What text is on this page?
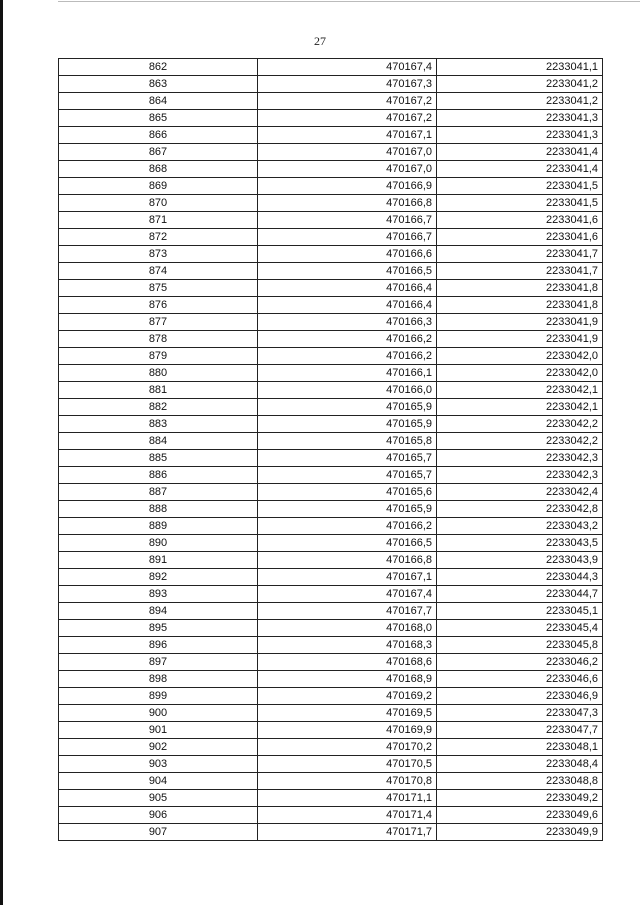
27
862	470167,4	2233041,1
863	470167,3	2233041,2
864	470167,2	2233041,2
865	470167,2	2233041,3
866	470167,1	2233041,3
867	470167,0	2233041,4
868	470167,0	2233041,4
869	470166,9	2233041,5
870	470166,8	2233041,5
871	470166,7	2233041,6
872	470166,7	2233041,6
873	470166,6	2233041,7
874	470166,5	2233041,7
875	470166,4	2233041,8
876	470166,4	2233041,8
877	470166,3	2233041,9
878	470166,2	2233041,9
879	470166,2	2233042,0
880	470166,1	2233042,0
881	470166,0	2233042,1
882	470165,9	2233042,1
883	470165,9	2233042,2
884	470165,8	2233042,2
885	470165,7	2233042,3
886	470165,7	2233042,3
887	470165,6	2233042,4
888	470165,9	2233042,8
889	470166,2	2233043,2
890	470166,5	2233043,5
891	470166,8	2233043,9
892	470167,1	2233044,3
893	470167,4	2233044,7
894	470167,7	2233045,1
895	470168,0	2233045,4
896	470168,3	2233045,8
897	470168,6	2233046,2
898	470168,9	2233046,6
899	470169,2	2233046,9
900	470169,5	2233047,3
901	470169,9	2233047,7
902	470170,2	2233048,1
903	470170,5	2233048,4
904	470170,8	2233048,8
905	470171,1	2233049,2
906	470171,4	2233049,6
907	470171,7	2233049,9
